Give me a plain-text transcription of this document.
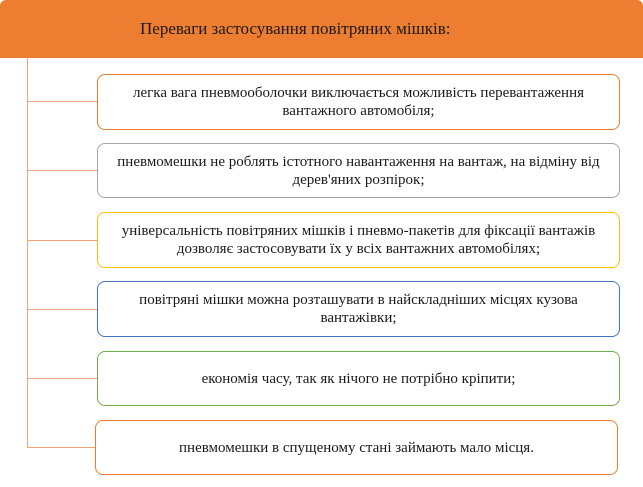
Переваги застосування повітряних мішків:
легка вага пневмооболочки виключається можливість перевантаження вантажного автомобіля;
пневмомешки не роблять істотного навантаження на вантаж, на відміну від дерев'яних розпірок;
універсальність повітряних мішків і пневмо-пакетів для фіксації вантажів дозволяє застосовувати їх у всіх вантажних автомобілях;
повітряні мішки можна розташувати в найскладніших місцях кузова вантажівки;
економія часу, так як нічого не потрібно кріпити;
пневмомешки в спущеному стані займають мало місця.
